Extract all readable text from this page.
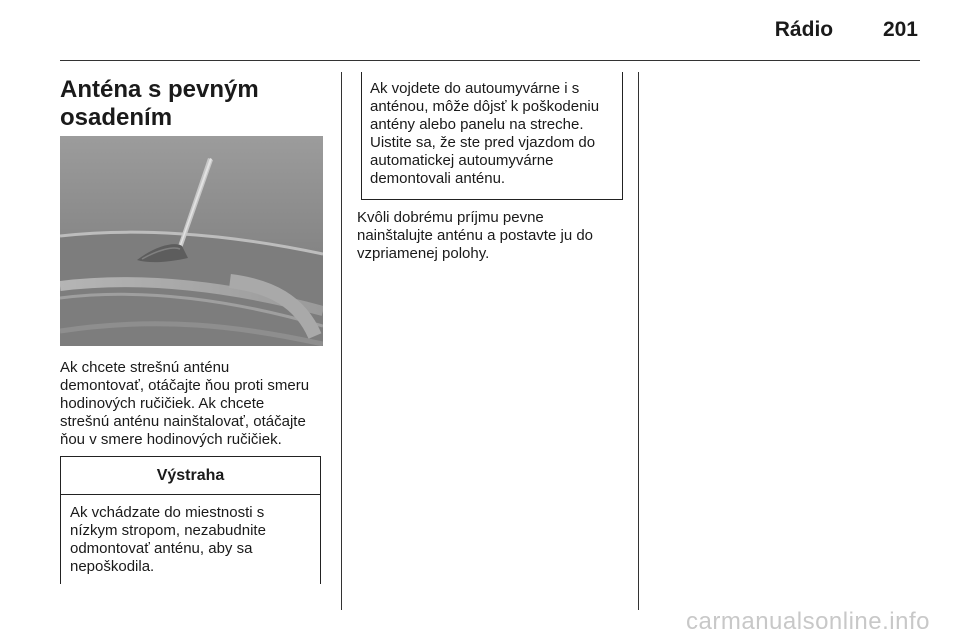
Rádio 201
Anténa s pevným
osadením

Ak chcete strešnú anténu
demontovať, otáčajte ňou proti smeru
hodinových ručičiek. Ak chcete
strešnú anténu nainštalovať, otáčajte
ňou v smere hodinových ručičiek.

Výstraha

Ak vchádzate do miestnosti s
nízkym stropom, nezabudnite
odmontovať anténu, aby sa
nepoškodila.

Ak vojdete do autoumyvárne i s
anténou, môže dôjsť k poškodeniu
antény alebo panelu na streche.
Uistite sa, že ste pred vjazdom do
automatickej autoumyvárne
demontovali anténu.

Kvôli dobrému príjmu pevne
nainštalujte anténu a postavte ju do
vzpriamenej polohy.

carmanualsonline.info
